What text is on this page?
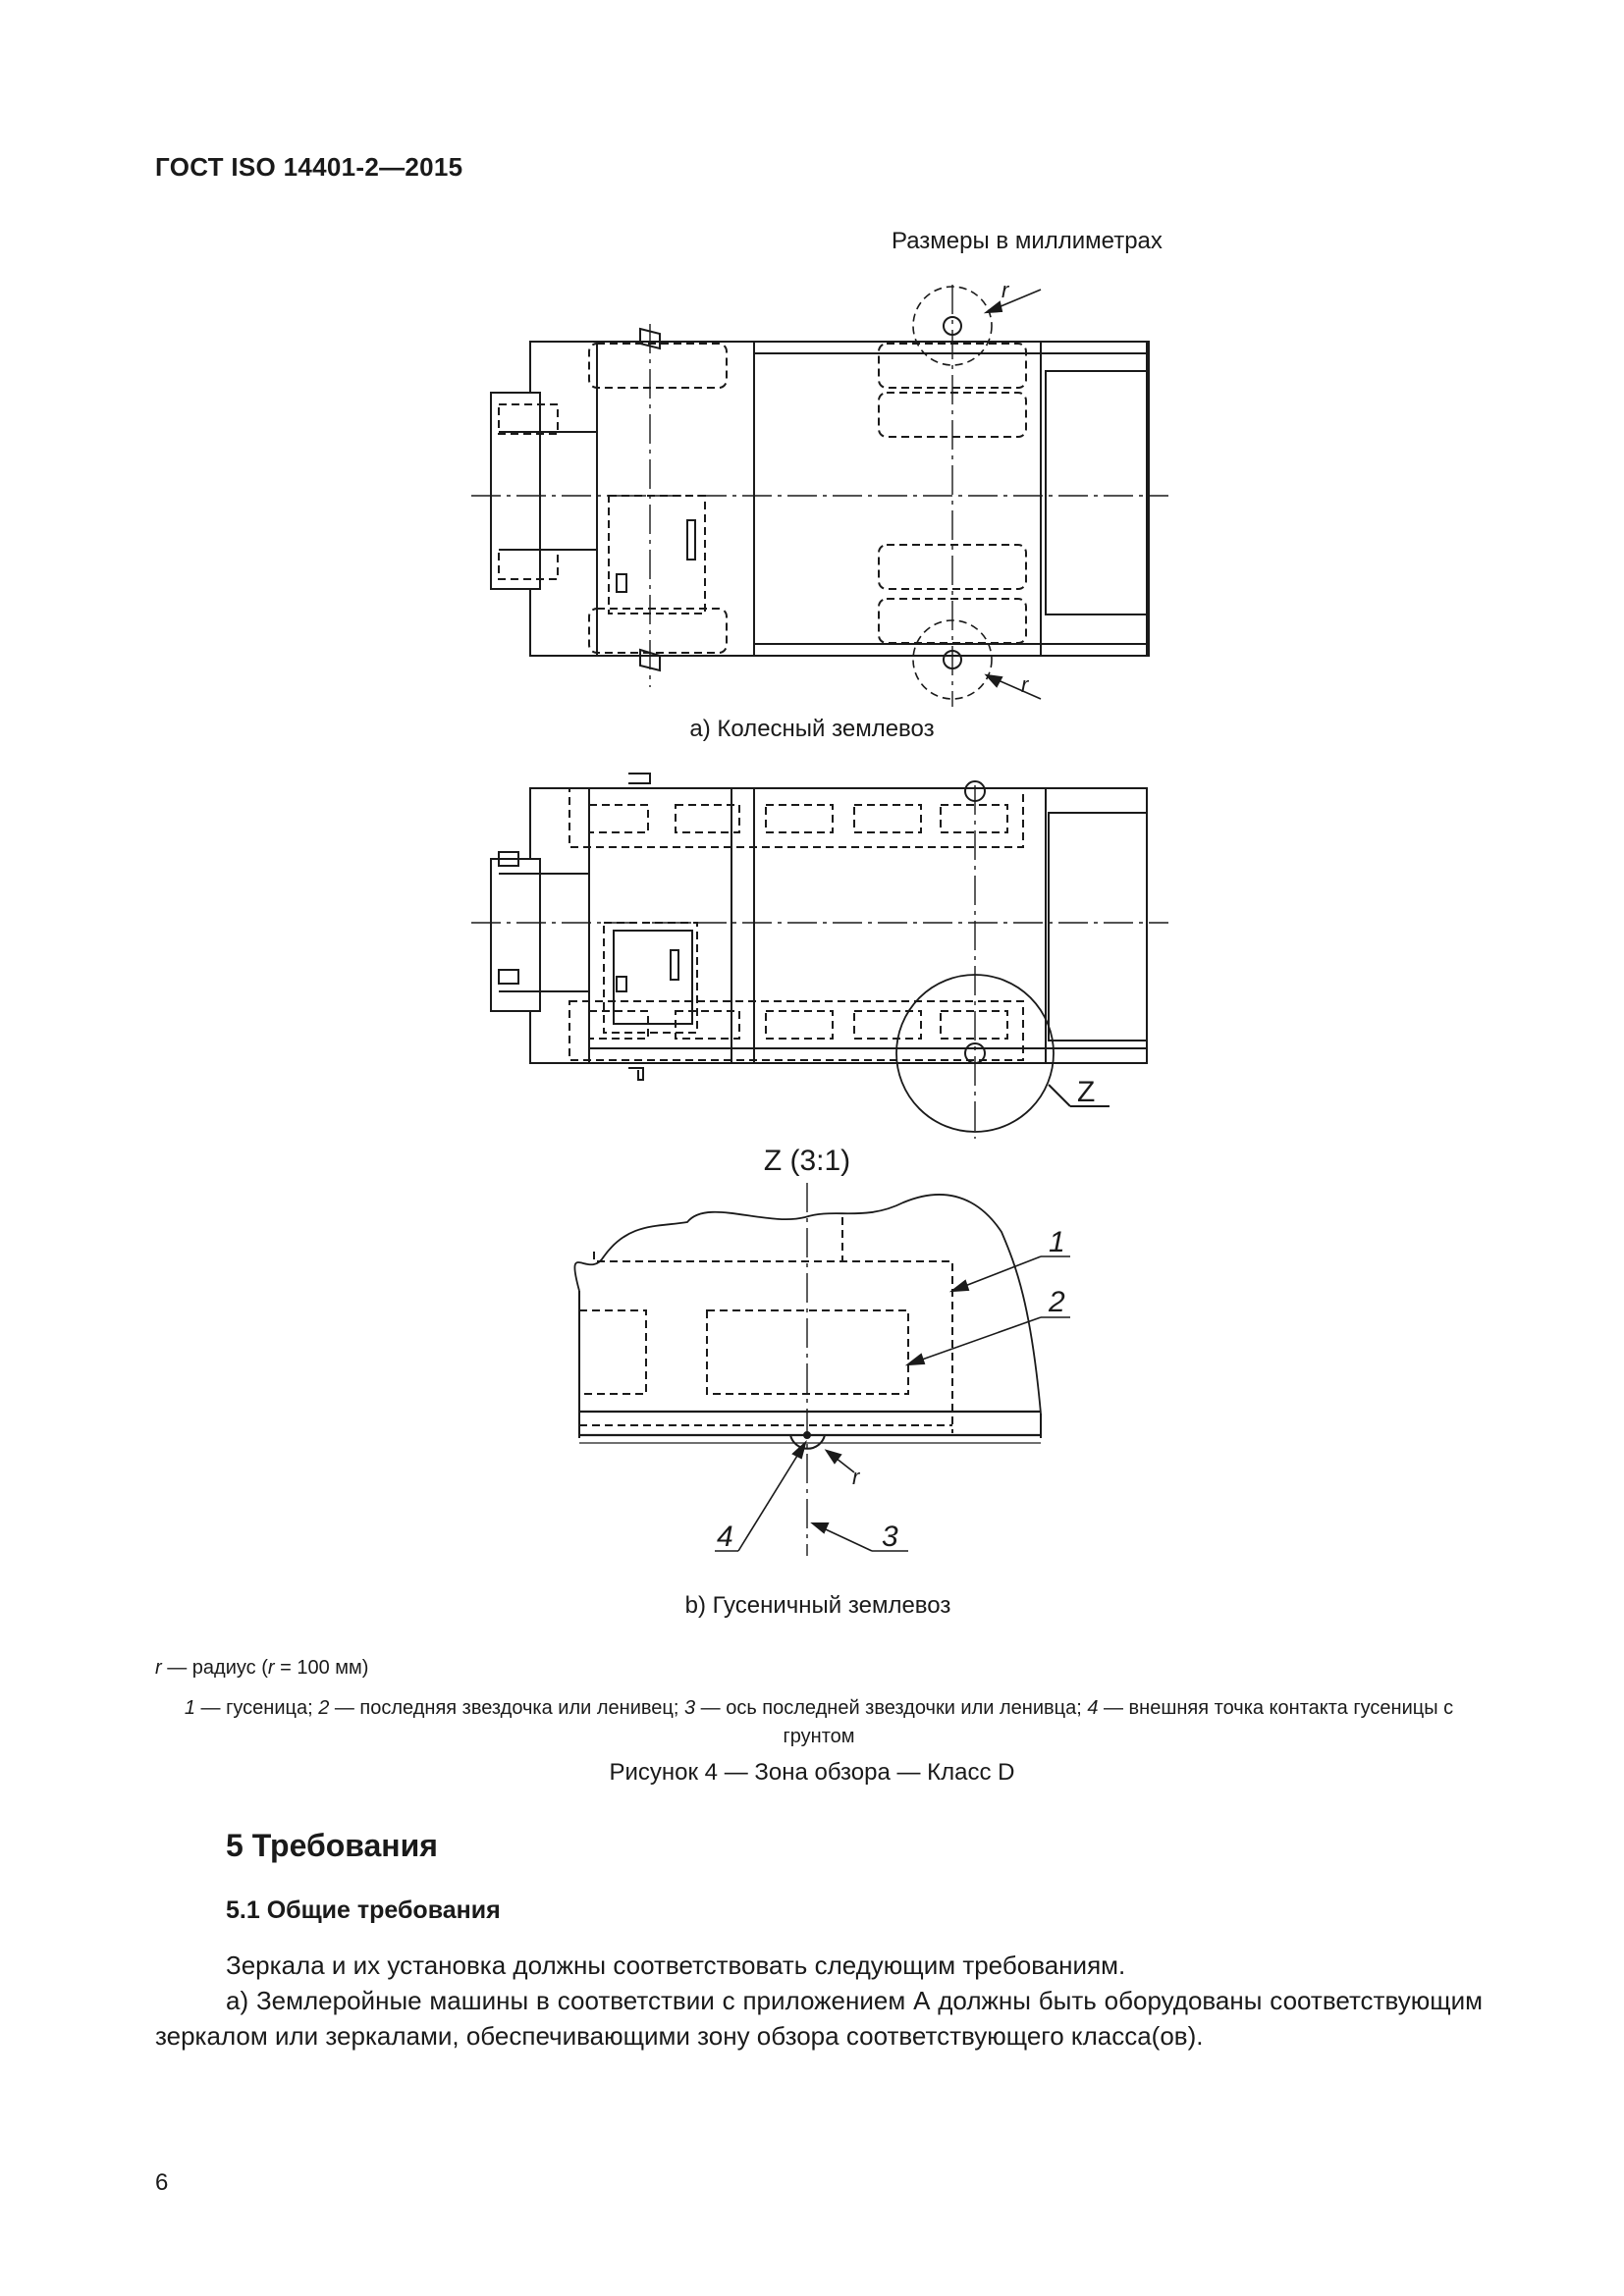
ГОСТ ISO 14401-2—2015
Размеры в миллиметрах
r
r
а) Колесный землевоз
Z
Z (3:1)
1
2
r
3
4
b) Гусеничный землевоз
r — радиус (r = 100 мм)
1 — гусеница; 2 — последняя звездочка или ленивец; 3 — ось последней звездочки или ленивца; 4 — внешняя точка контакта гусеницы с грунтом
Рисунок 4 — Зона обзора — Класс D
5 Требования
5.1 Общие требования
Зеркала и их установка должны соответствовать следующим требованиям.
а) Землеройные машины в соответствии с приложением А должны быть оборудованы соответствующим зеркалом или зеркалами, обеспечивающими зону обзора соответствующего класса(ов).
6
